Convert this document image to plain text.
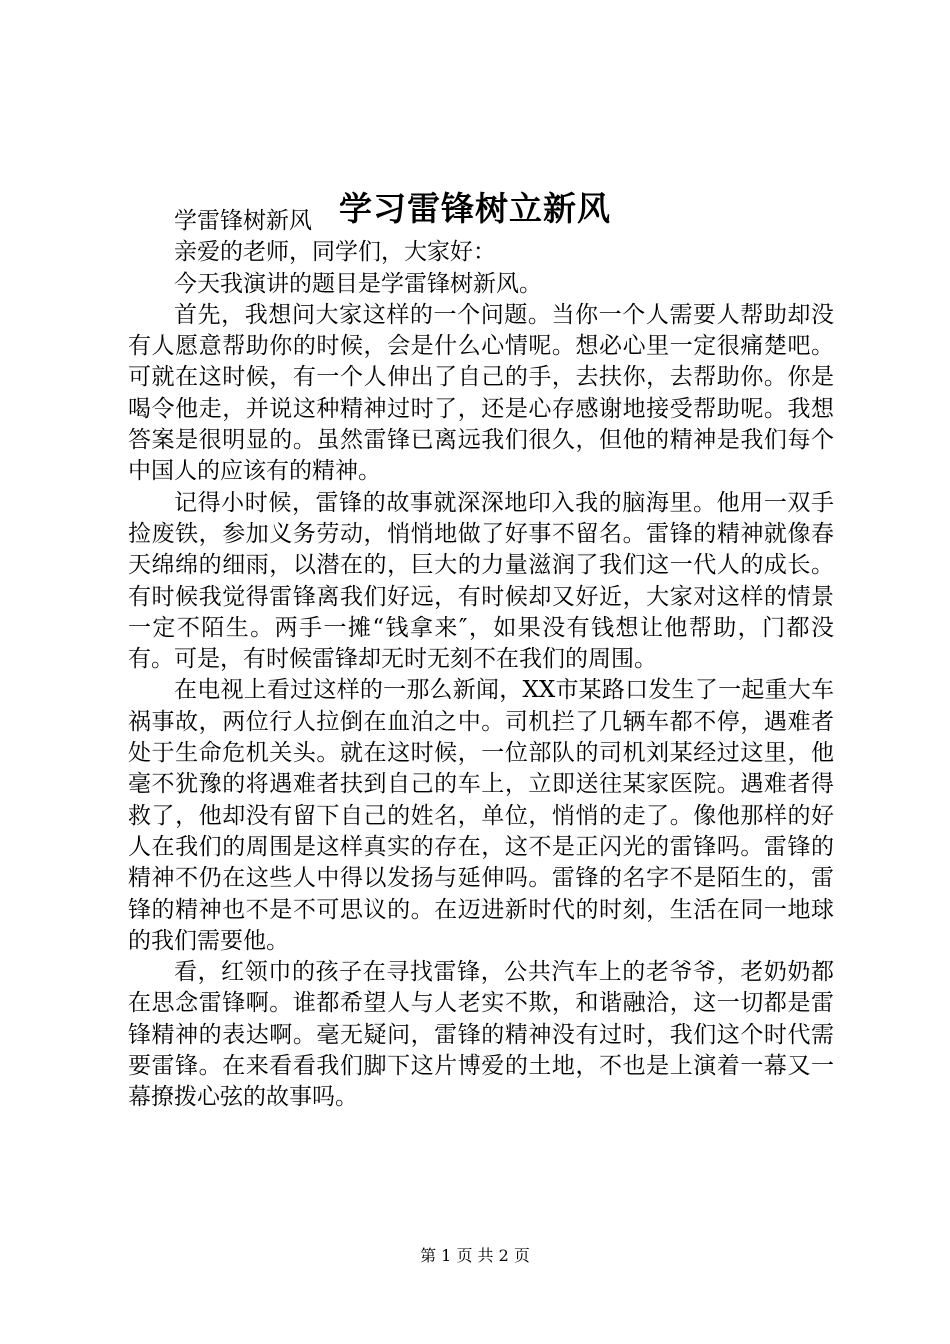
学习雷锋树立新风

学雷锋树新风

亲爱的老师，同学们，大家好：

今天我演讲的题目是学雷锋树新风。

首先，我想问大家这样的一个问题。当你一个人需要人帮助却没有人愿意帮助你的时候，会是什么心情呢。想必心里一定很痛楚吧。可就在这时候，有一个人伸出了自己的手，去扶你，去帮助你。你是喝令他走，并说这种精神过时了，还是心存感谢地接受帮助呢。我想答案是很明显的。虽然雷锋已离远我们很久，但他的精神是我们每个中国人的应该有的精神。

记得小时候，雷锋的故事就深深地印入我的脑海里。他用一双手捡废铁，参加义务劳动，悄悄地做了好事不留名。雷锋的精神就像春天绵绵的细雨，以潜在的，巨大的力量滋润了我们这一代人的成长。有时候我觉得雷锋离我们好远，有时候却又好近，大家对这样的情景一定不陌生。两手一摊“钱拿来″，如果没有钱想让他帮助，门都没有。可是，有时候雷锋却无时无刻不在我们的周围。

在电视上看过这样的一那么新闻，XX市某路口发生了一起重大车祸事故，两位行人拉倒在血泊之中。司机拦了几辆车都不停，遇难者处于生命危机关头。就在这时候，一位部队的司机刘某经过这里，他毫不犹豫的将遇难者扶到自己的车上，立即送往某家医院。遇难者得救了，他却没有留下自己的姓名，单位，悄悄的走了。像他那样的好人在我们的周围是这样真实的存在，这不是正闪光的雷锋吗。雷锋的精神不仍在这些人中得以发扬与延伸吗。雷锋的名字不是陌生的，雷锋的精神也不是不可思议的。在迈进新时代的时刻，生活在同一地球的我们需要他。

看，红领巾的孩子在寻找雷锋，公共汽车上的老爷爷，老奶奶都在思念雷锋啊。谁都希望人与人老实不欺，和谐融洽，这一切都是雷锋精神的表达啊。毫无疑问，雷锋的精神没有过时，我们这个时代需要雷锋。在来看看我们脚下这片博爱的土地，不也是上演着一幕又一幕撩拨心弦的故事吗。

第 1 页 共 2 页
